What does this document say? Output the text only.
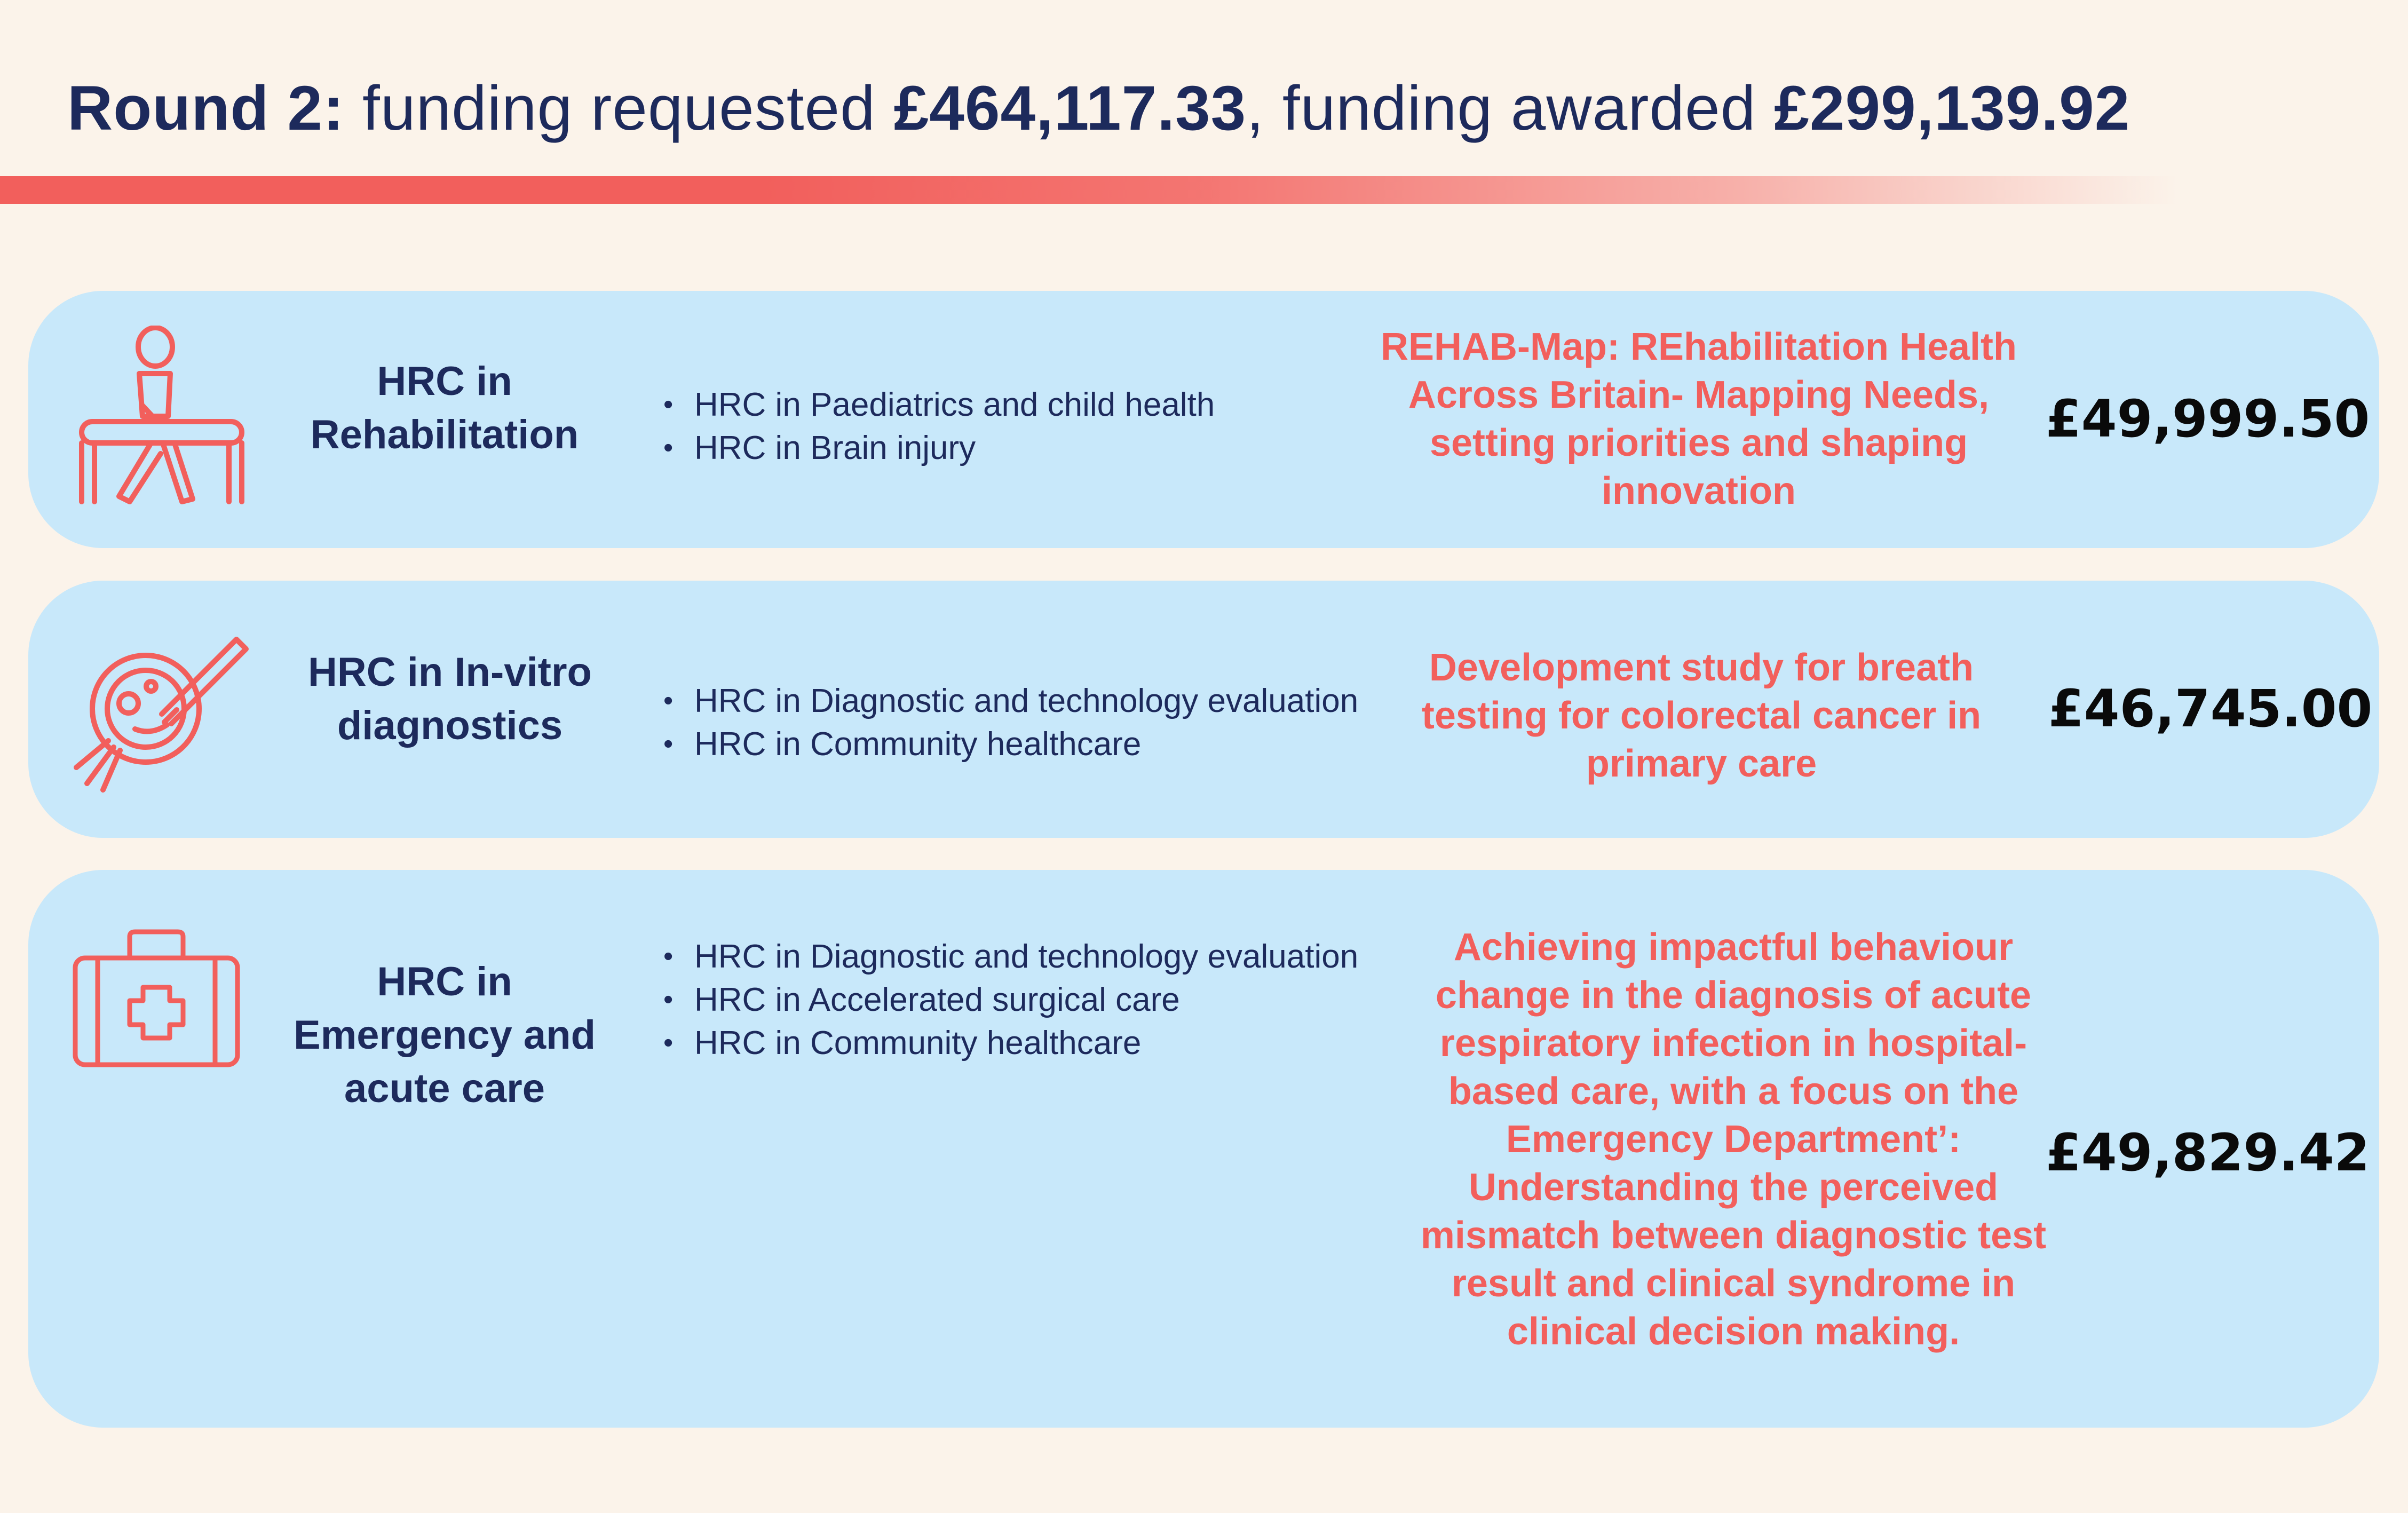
Round 2: funding requested £464,117.33, funding awarded £299,139.92
HRC in Rehabilitation
• HRC in Paediatrics and child health
• HRC in Brain injury
REHAB-Map: REhabilitation Health Across Britain- Mapping Needs, setting priorities and shaping innovation
£49,999.50
HRC in In-vitro diagnostics
• HRC in Diagnostic and technology evaluation
• HRC in Community healthcare
Development study for breath testing for colorectal cancer in primary care
£46,745.00
HRC in Emergency and acute care
• HRC in Diagnostic and technology evaluation
• HRC in Accelerated surgical care
• HRC in Community healthcare
Achieving impactful behaviour change in the diagnosis of acute respiratory infection in hospital-based care, with a focus on the Emergency Department’: Understanding the perceived mismatch between diagnostic test result and clinical syndrome in clinical decision making.
£49,829.42
